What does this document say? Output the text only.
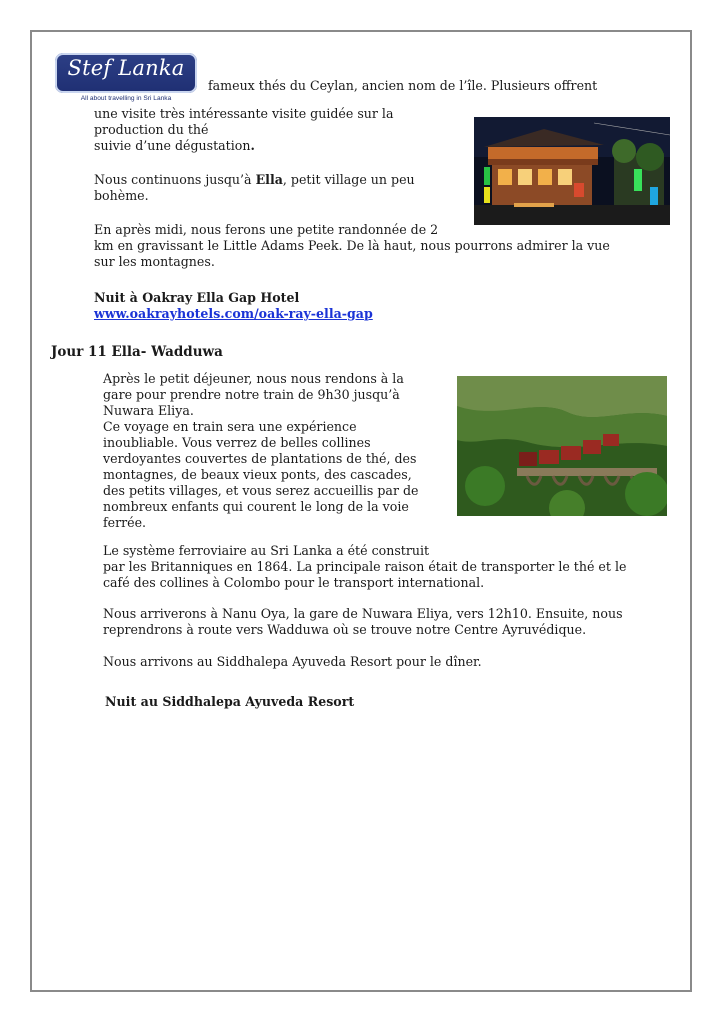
Stef Lanka
All about travelling in Sri Lanka
fameux thés du Ceylan, ancien nom de l’île. Plusieurs offrent
une visite très intéressante visite guidée sur la
production du thé
suivie d’une dégustation.
Nous continuons jusqu’à Ella, petit village un peu
bohème.
En après midi, nous ferons une petite randonnée de 2
km en gravissant le Little Adams Peek. De là haut, nous pourrons admirer la vue
sur les montagnes.
Nuit à Oakray Ella Gap Hotel
www.oakrayhotels.com/oak-ray-ella-gap
Jour 11 Ella- Wadduwa
Après le petit déjeuner, nous nous rendons à la
gare pour prendre notre train de 9h30 jusqu’à
Nuwara Eliya.
Ce voyage en train sera une expérience
inoubliable. Vous verrez de belles collines
verdoyantes couvertes de plantations de thé, des
montagnes, de beaux vieux ponts, des cascades,
des petits villages, et vous serez accueillis par de
nombreux enfants qui courent le long de la voie
ferrée.
Le système ferroviaire au Sri Lanka a été construit
par les Britanniques en 1864. La principale raison était de transporter le thé et le
café des collines à Colombo pour le transport international.
Nous arriverons à Nanu Oya, la gare de Nuwara Eliya, vers 12h10. Ensuite, nous
reprendrons à route vers Wadduwa où se trouve notre Centre Ayruvédique.
Nous arrivons au Siddhalepa Ayuveda Resort pour le dîner.
Nuit au Siddhalepa Ayuveda Resort
